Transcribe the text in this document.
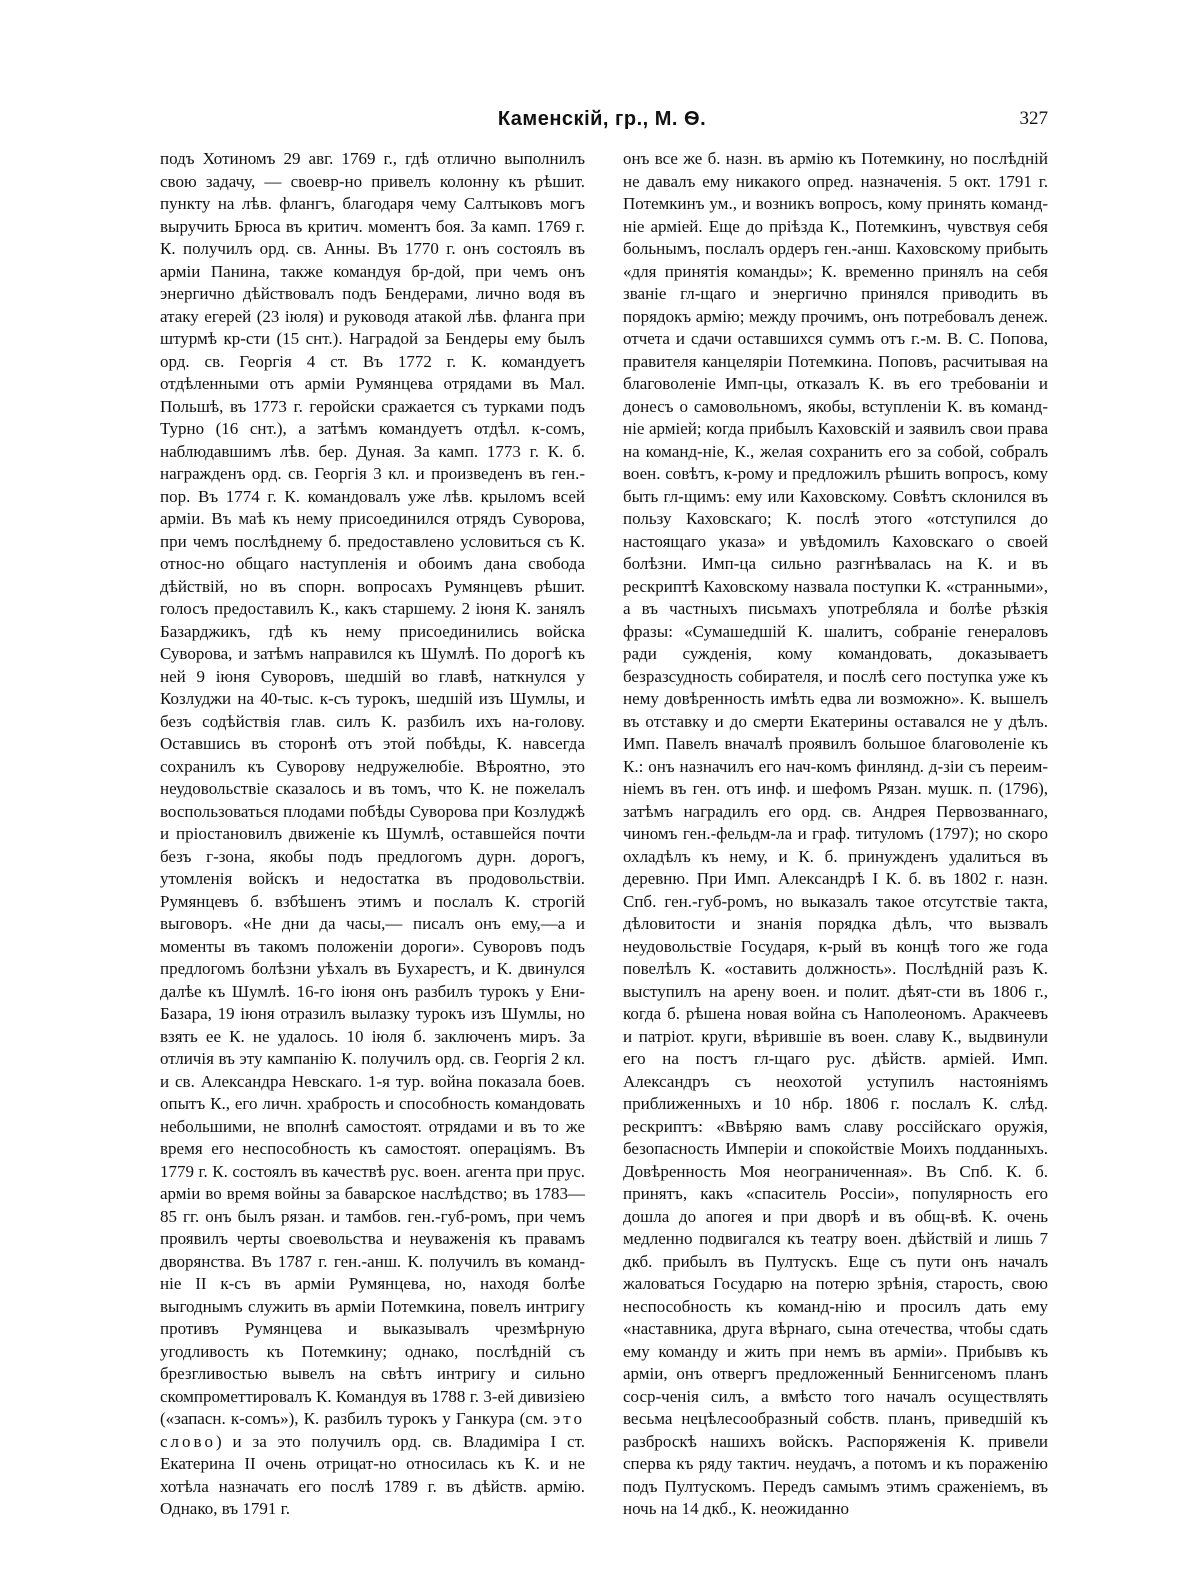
Каменскій, гр., М. Ѳ.	327

подъ Хотиномъ 29 авг. 1769 г., гдѣ отлично выполнилъ свою задачу, — своевр-но привелъ колонну къ рѣшит. пункту на лѣв. флангъ, благодаря чему Салтыковъ могъ выручить Брюса въ критич. моментъ боя. За камп. 1769 г. К. получилъ орд. св. Анны. Въ 1770 г. онъ состоялъ въ арміи Панина, также командуя бр-дой, при чемъ онъ энергично дѣйствовалъ подъ Бендерами, лично водя въ атаку егерей (23 іюля) и руководя атакой лѣв. фланга при штурмѣ кр-сти (15 снт.). Наградой за Бендеры ему былъ орд. св. Георгія 4 ст. Въ 1772 г. К. командуетъ отдѣленными отъ арміи Румянцева отрядами въ Мал. Польшѣ, въ 1773 г. геройски сражается съ турками подъ Турно (16 снт.), а затѣмъ командуетъ отдѣл. к-сомъ, наблюдавшимъ лѣв. бер. Дуная. За камп. 1773 г. К. б. награжденъ орд. св. Георгія 3 кл. и произведенъ въ ген.-пор. Въ 1774 г. К. командовалъ уже лѣв. крыломъ всей арміи. Въ маѣ къ нему присоединился отрядъ Суворова, при чемъ послѣднему б. предоставлено условиться съ К. относ-но общаго наступленія и обоимъ дана свобода дѣйствій, но въ спорн. вопросахъ Румянцевъ рѣшит. голосъ предоставилъ К., какъ старшему. 2 іюня К. занялъ Базарджикъ, гдѣ къ нему присоединились войска Суворова, и затѣмъ направился къ Шумлѣ. По дорогѣ къ ней 9 іюня Суворовъ, шедшій во главѣ, наткнулся у Козлуджи на 40-тыс. к-съ турокъ, шедшій изъ Шумлы, и безъ содѣйствія глав. силъ К. разбилъ ихъ на-голову. Оставшись въ сторонѣ отъ этой побѣды, К. навсегда сохранилъ къ Суворову недружелюбіе. Вѣроятно, это неудовольствіе сказалось и въ томъ, что К. не пожелалъ воспользоваться плодами побѣды Суворова при Козлуджѣ и пріостановилъ движеніе къ Шумлѣ, оставшейся почти безъ г-зона, якобы подъ предлогомъ дурн. дорогъ, утомленія войскъ и недостатка въ продовольствіи. Румянцевъ б. взбѣшенъ этимъ и послалъ К. строгій выговоръ. «Не дни да часы,— писалъ онъ ему,—а и моменты въ такомъ положеніи дороги». Суворовъ подъ предлогомъ болѣзни уѣхалъ въ Бухарестъ, и К. двинулся далѣе къ Шумлѣ. 16-го іюня онъ разбилъ турокъ у Ени-Базара, 19 іюня отразилъ вылазку турокъ изъ Шумлы, но взять ее К. не удалось. 10 іюля б. заключенъ миръ. За отличія въ эту кампанію К. получилъ орд. св. Георгія 2 кл. и св. Александра Невскаго. 1-я тур. война показала боев. опытъ К., его личн. храбрость и способность командовать небольшими, не вполнѣ самостоят. отрядами и въ то же время его неспособность къ самостоят. операціямъ. Въ 1779 г. К. состоялъ въ качествѣ рус. воен. агента при прус. арміи во время войны за баварское наслѣдство; въ 1783—85 гг. онъ былъ рязан. и тамбов. ген.-губ-ромъ, при чемъ проявилъ черты своевольства и неуваженія къ правамъ дворянства. Въ 1787 г. ген.-анш. К. получилъ въ команд-ніе II к-съ въ арміи Румянцева, но, находя болѣе выгоднымъ служить въ арміи Потемкина, повелъ интригу противъ Румянцева и выказывалъ чрезмѣрную угодливость къ Потемкину; однако, послѣдній съ брезгливостью вывелъ на свѣтъ интригу и сильно скомпрометтировалъ К. Командуя въ 1788 г. 3-ей дивизіею («запасн. к-сомъ»), К. разбилъ турокъ у Ганкура (см. это слово) и за это получилъ орд. св. Владиміра I ст. Екатерина II очень отрицат-но относилась къ К. и не хотѣла назначать его послѣ 1789 г. въ дѣйств. армію. Однако, въ 1791 г.

онъ все же б. назн. въ армію къ Потемкину, но послѣдній не давалъ ему никакого опред. назначенія. 5 окт. 1791 г. Потемкинъ ум., и возникъ вопросъ, кому принять команд-ніе арміей. Еще до пріѣзда К., Потемкинъ, чувствуя себя больнымъ, послалъ ордеръ ген.-анш. Каховскому прибыть «для принятія команды»; К. временно принялъ на себя званіе гл-щаго и энергично принялся приводить въ порядокъ армію; между прочимъ, онъ потребовалъ денеж. отчета и сдачи оставшихся суммъ отъ г.-м. В. С. Попова, правителя канцеляріи Потемкина. Поповъ, расчитывая на благоволеніе Имп-цы, отказалъ К. въ его требованіи и донесъ о самовольномъ, якобы, вступленіи К. въ команд-ніе арміей; когда прибылъ Каховскій и заявилъ свои права на команд-ніе, К., желая сохранить его за собой, собралъ воен. совѣтъ, к-рому и предложилъ рѣшить вопросъ, кому быть гл-щимъ: ему или Каховскому. Совѣтъ склонился въ пользу Каховскаго; К. послѣ этого «отступился до настоящаго указа» и увѣдомилъ Каховскаго о своей болѣзни. Имп-ца сильно разгнѣвалась на К. и въ рескриптѣ Каховскому назвала поступки К. «странными», а въ частныхъ письмахъ употребляла и болѣе рѣзкія фразы: «Сумашедшій К. шалитъ, собраніе генераловъ ради сужденія, кому командовать, доказываетъ безразсудность собирателя, и послѣ сего поступка уже къ нему довѣренность имѣть едва ли возможно». К. вышелъ въ отставку и до смерти Екатерины оставался не у дѣлъ. Имп. Павелъ вначалѣ проявилъ большое благоволеніе къ К.: онъ назначилъ его нач-комъ финлянд. д-зіи съ переим-ніемъ въ ген. отъ инф. и шефомъ Рязан. мушк. п. (1796), затѣмъ наградилъ его орд. св. Андрея Первозваннаго, чиномъ ген.-фельдм-ла и граф. титуломъ (1797); но скоро охладѣлъ къ нему, и К. б. принужденъ удалиться въ деревню. При Имп. Александрѣ I К. б. въ 1802 г. назн. Спб. ген.-губ-ромъ, но выказалъ такое отсутствіе такта, дѣловитости и знанія порядка дѣлъ, что вызвалъ неудовольствіе Государя, к-рый въ концѣ того же года повелѣлъ К. «оставить должность». Послѣдній разъ К. выступилъ на арену воен. и полит. дѣят-сти въ 1806 г., когда б. рѣшена новая война съ Наполеономъ. Аракчеевъ и патріот. круги, вѣрившіе въ воен. славу К., выдвинули его на постъ гл-щаго рус. дѣйств. арміей. Имп. Александръ съ неохотой уступилъ настояніямъ приближенныхъ и 10 нбр. 1806 г. послалъ К. слѣд. рескриптъ: «Ввѣряю вамъ славу россійскаго оружія, безопасность Имперіи и спокойствіе Моихъ подданныхъ. Довѣренность Моя неограниченная». Въ Спб. К. б. принятъ, какъ «спаситель Россіи», популярность его дошла до апогея и при дворѣ и въ общ-вѣ. К. очень медленно подвигался къ театру воен. дѣйствій и лишь 7 дкб. прибылъ въ Пултускъ. Еще съ пути онъ началъ жаловаться Государю на потерю зрѣнія, старость, свою неспособность къ команд-нію и просилъ дать ему «наставника, друга вѣрнаго, сына отечества, чтобы сдать ему команду и жить при немъ въ арміи». Прибывъ къ арміи, онъ отвергъ предложенный Беннигсеномъ планъ соср-ченія силъ, а вмѣсто того началъ осуществлять весьма нецѣлесообразный собств. планъ, приведшій къ разброскѣ нашихъ войскъ. Распоряженія К. привели сперва къ ряду тактич. неудачъ, а потомъ и къ пораженію подъ Пултускомъ. Передъ самымъ этимъ сраженіемъ, въ ночь на 14 дкб., К. неожиданно
